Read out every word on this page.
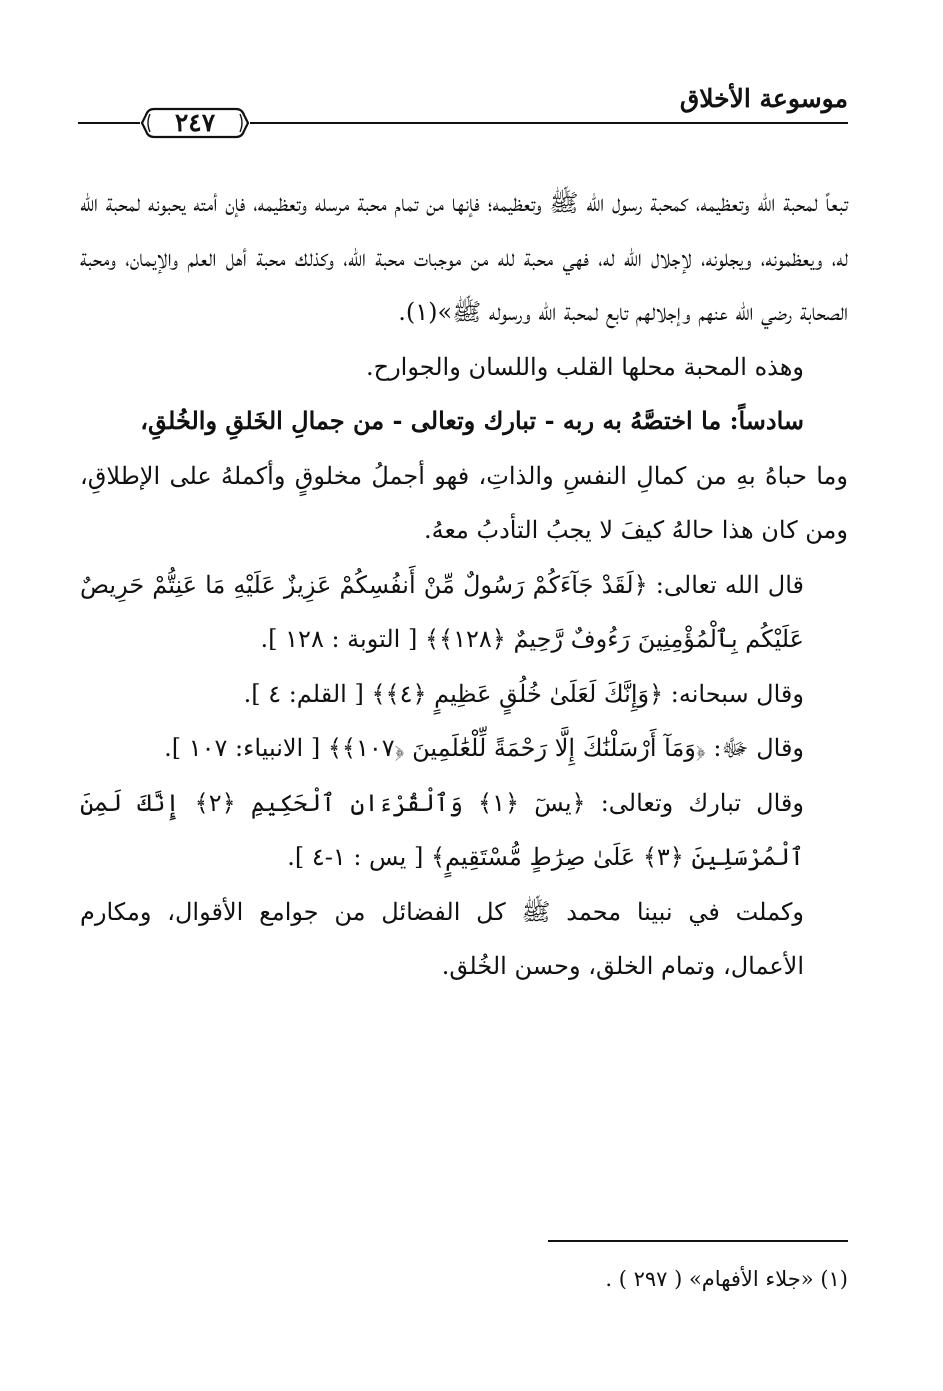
موسوعة الأخلاق
٢٤٧

تبعاً لمحبة الله وتعظيمه، كمحبة رسول الله ﷺ وتعظيمه؛ فإنها من تمام محبة مرسله وتعظيمه، فإن أمته يحبونه لمحبة الله له، ويعظمونه، ويجلونه، لإجلال الله له، فهي محبة لله من موجبات محبة الله، وكذلك محبة أهل العلم والإيمان، ومحبة الصحابة رضي الله عنهم وإجلالهم تابع لمحبة الله ورسوله ﷺ»(١).

وهذه المحبة محلها القلب واللسان والجوارح.

سادساً: ما اختصَّهُ به ربه - تبارك وتعالى - من جمالِ الخَلقِ والخُلقِ،

وما حباهُ بهِ من كمالِ النفسِ والذاتِ، فهو أجملُ مخلوقٍ وأكملهُ على الإطلاقِ، ومن كان هذا حالهُ كيفَ لا يجبُ التأدبُ معهُ.

قال الله تعالى: ﴿لَقَدْ جَآءَكُمْ رَسُولٌ مِّنْ أَنفُسِكُمْ عَزِيزٌ عَلَيْهِ مَا عَنِتُّمْ حَرِيصٌ عَلَيْكُم بِٱلْمُؤْمِنِينَ رَءُوفٌ رَّحِيمٌ ﴿١٢٨﴾﴾ [ التوبة : ١٢٨ ].

وقال سبحانه: ﴿وَإِنَّكَ لَعَلَىٰ خُلُقٍ عَظِيمٍ ﴿٤﴾﴾ [ القلم: ٤ ].

وقال ﷻ: ﴿وَمَآ أَرْسَلْنَٰكَ إِلَّا رَحْمَةً لِّلْعَٰلَمِينَ ﴿١٠٧﴾﴾ [ الانبياء: ١٠٧ ].

وقال تبارك وتعالى: ﴿يسٓ ﴿١﴾ وَٱلْقُرْءَانِ ٱلْحَكِيمِ ﴿٢﴾ إِنَّكَ لَمِنَ ٱلْمُرْسَلِينَ ﴿٣﴾ عَلَىٰ صِرَٰطٍ مُّسْتَقِيمٍ﴾ [ يس : ١-٤ ].

وكملت في نبينا محمد ﷺ كل الفضائل من جوامع الأقوال، ومكارم الأعمال، وتمام الخلق، وحسن الخُلق.

(١) «جلاء الأفهام» ( ٢٩٧ ) .
